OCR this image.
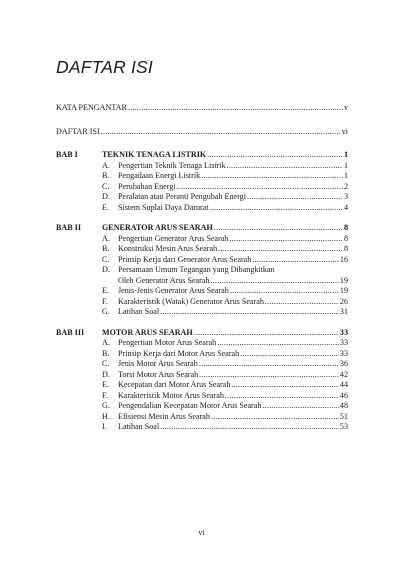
DAFTAR ISI
KATA PENGANTAR .....	v
DAFTAR ISI .....	vi
BAB I	TEKNIK TENAGA LISTRIK .....	1
A.	Pengertian Teknik Tenaga Listrik .....	1
B.	Pengadaan Energi Listrik .....	1
C.	Perubahan Energi .....	2
D.	Peralatan atau Peranti Pengubah Energi .....	3
E.	Sistem Suplai Daya Darurat .....	4
BAB II	GENERATOR ARUS SEARAH .....	8
A.	Pengertian Generator Arus Searah .....	8
B.	Konstruksi Mesin Arus Searah .....	8
C.	Prinsip Kerja dari Generator Arus Searah .....	16
D.	Persamaan Umum Tegangan yang Dibangkitkan
Oleh Generator Arus Searah .....	19
E.	Jenis-Jenis Generator Arus Searah .....	19
F.	Karakteristik (Watak) Generator Arus Searah .....	26
G.	Latihan Soal .....	31
BAB III	MOTOR ARUS SEARAH .....	33
A.	Pengertian Motor Arus Searah .....	33
B.	Prinsip Kerja dari Motor Arus Searah .....	33
C.	Jenis Motor Arus Searah .....	36
D.	Torsi Motor Arus Searah .....	42
E.	Kecepatan dari Motor Arus Searah .....	44
F.	Karakteristik Motor Arus Searah .....	46
G.	Pengendalian Kecepatan Motor Arus Searah .....	48
H.	Efisiensi Mesin Arus Searah .....	51
I.	Latihan Soal .....	53
vi
